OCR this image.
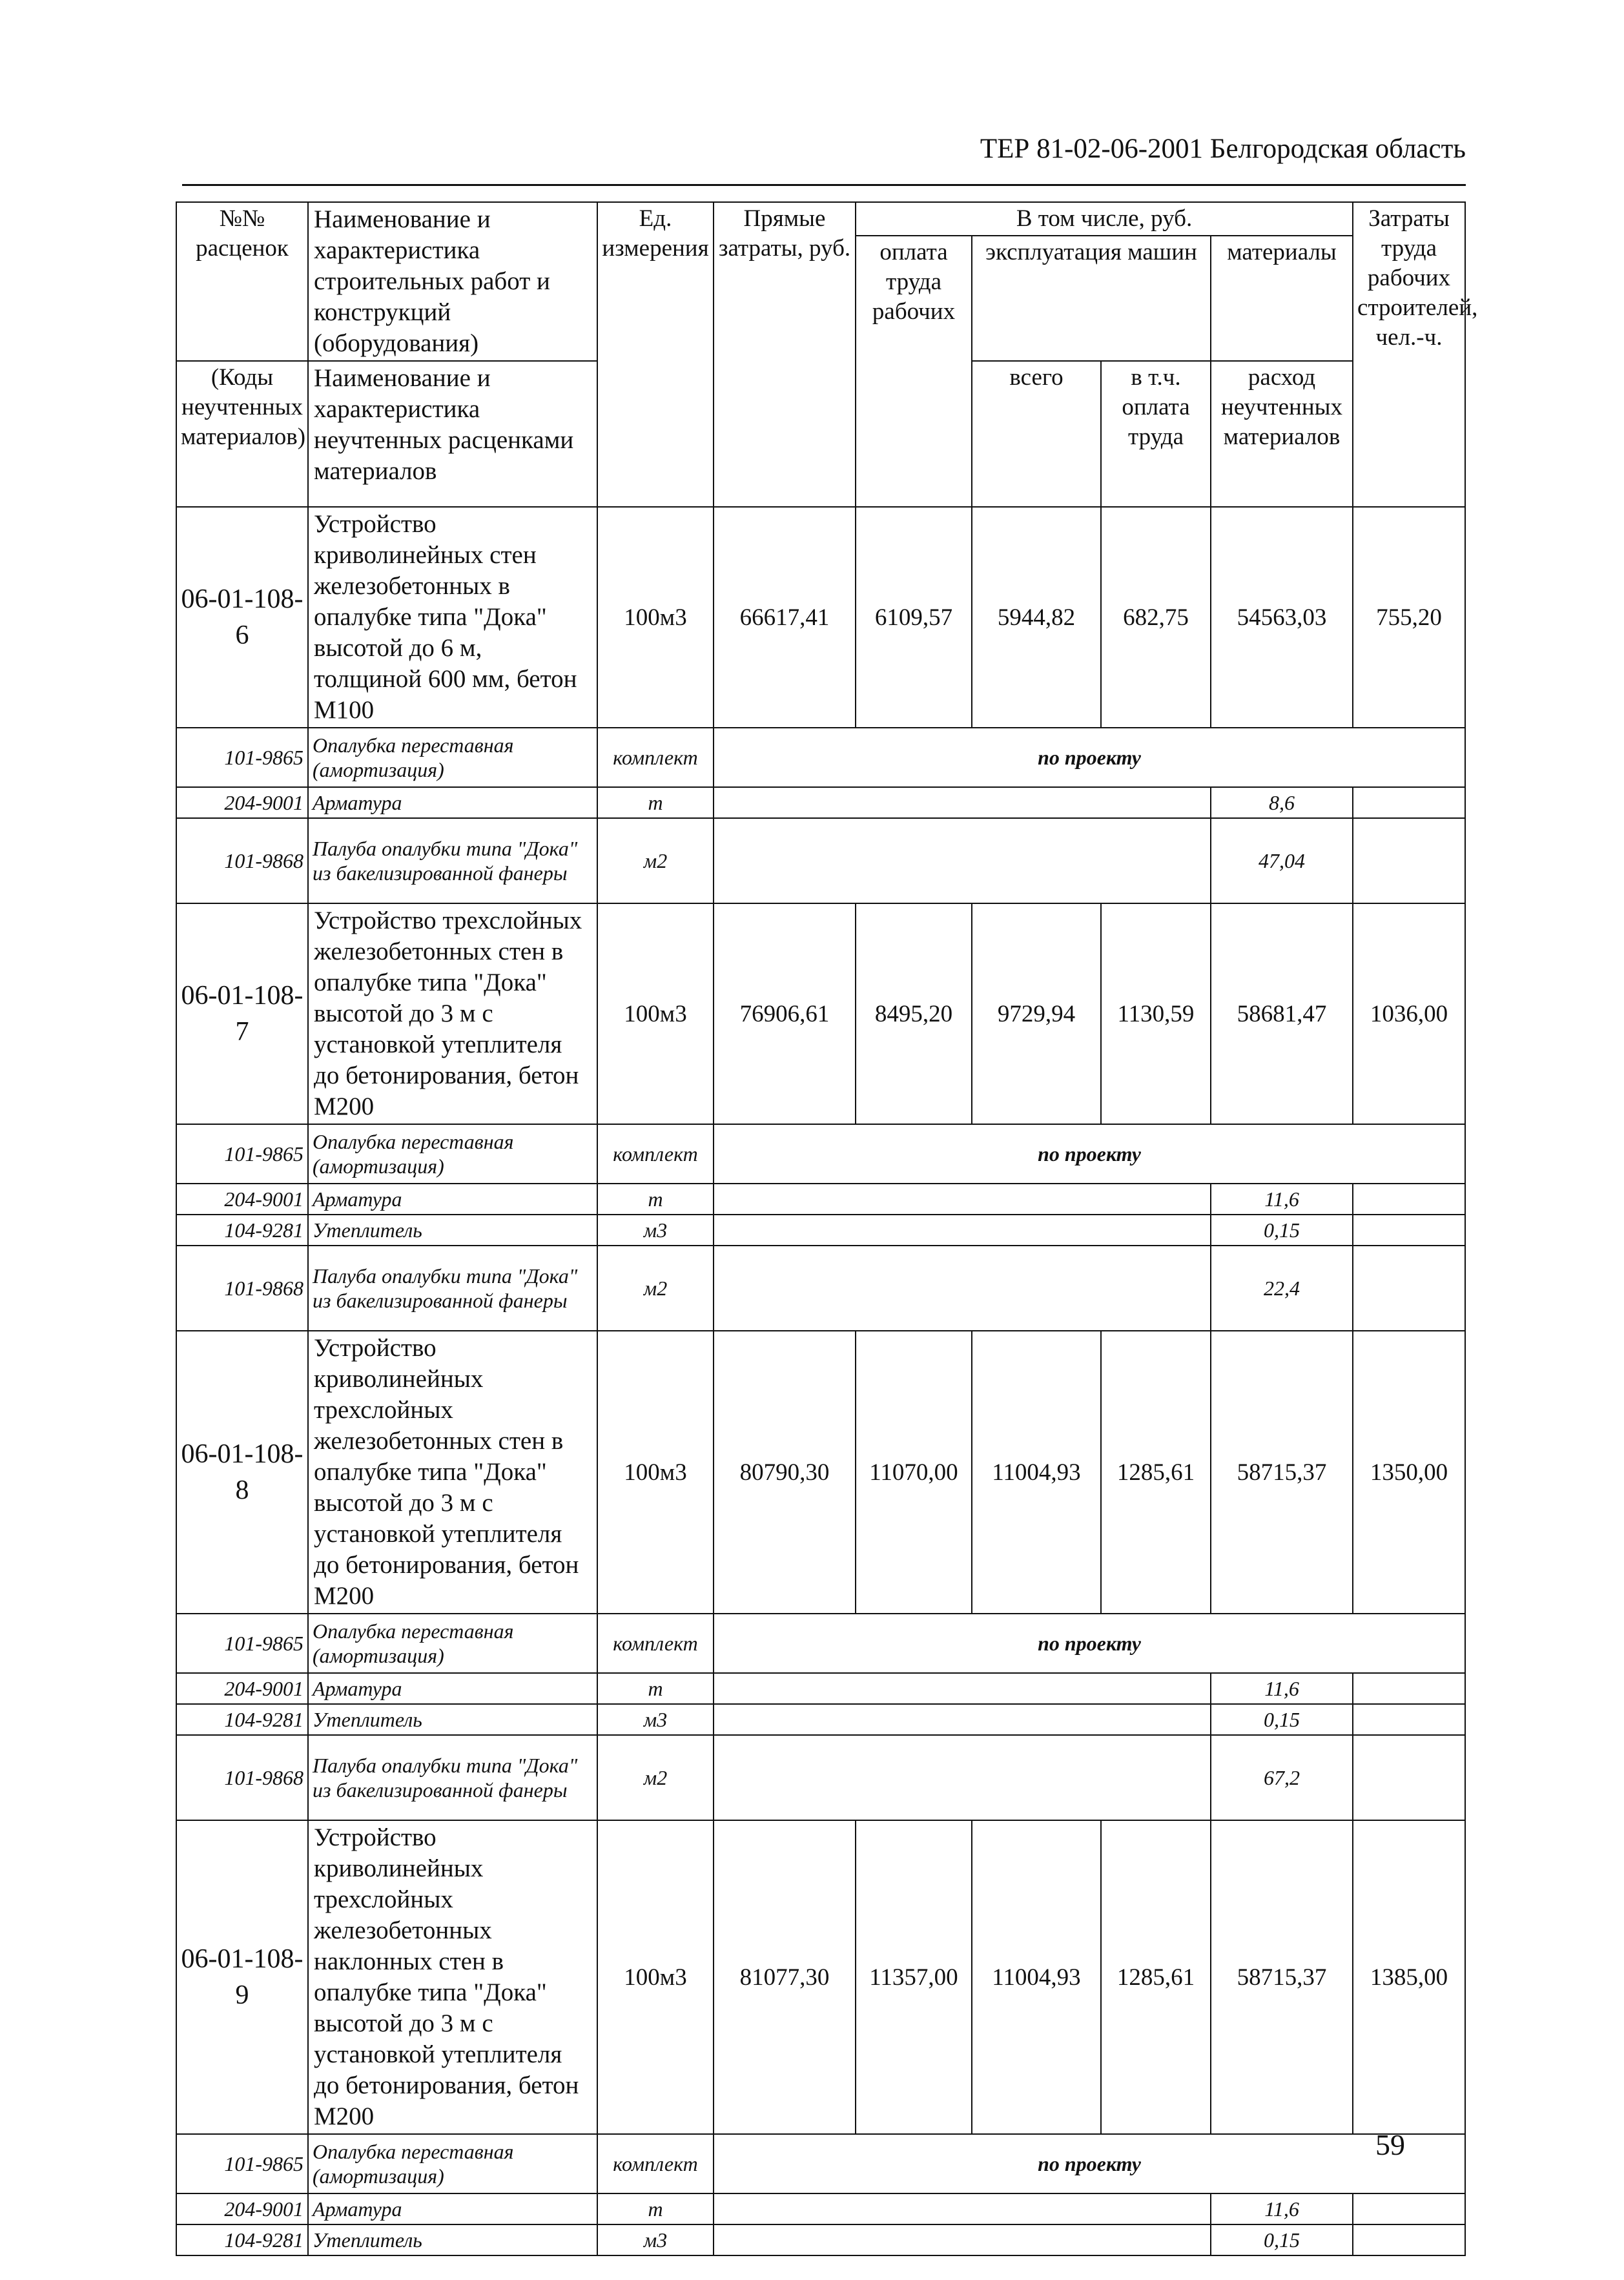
ТЕР 81-02-06-2001 Белгородская область
№№ расценок	Наименование и характеристика строительных работ и конструкций (оборудования)	Ед. измерения	Прямые затраты, руб.	В том числе, руб.				Затраты труда рабочих строителей, чел.-ч.
				оплата труда рабочих	эксплуатация машин		материалы	
(Коды неучтенных материалов)	Наименование и характеристика неучтенных расценками материалов				всего	в т.ч. оплата труда	расход неучтенных материалов	

06-01-108-6	Устройство криволинейных стен железобетонных в опалубке типа "Дока" высотой до 6 м, толщиной 600 мм, бетон М100	100м3	66617,41	6109,57	5944,82	682,75	54563,03	755,20
101-9865	Опалубка переставная (амортизация)	комплект	по проекту					
204-9001	Арматура	т					8,6	
101-9868	Палуба опалубки типа "Дока" из бакелизированной фанеры	м2					47,04	
06-01-108-7	Устройство трехслойных железобетонных стен в опалубке типа "Дока" высотой до 3 м с установкой утеплителя до бетонирования, бетон М200	100м3	76906,61	8495,20	9729,94	1130,59	58681,47	1036,00
101-9865	Опалубка переставная (амортизация)	комплект	по проекту					
204-9001	Арматура	т					11,6	
104-9281	Утеплитель	м3					0,15	
101-9868	Палуба опалубки типа "Дока" из бакелизированной фанеры	м2					22,4	
06-01-108-8	Устройство криволинейных трехслойных железобетонных стен в опалубке типа "Дока" высотой до 3 м с установкой утеплителя до бетонирования, бетон М200	100м3	80790,30	11070,00	11004,93	1285,61	58715,37	1350,00
101-9865	Опалубка переставная (амортизация)	комплект	по проекту					
204-9001	Арматура	т					11,6	
104-9281	Утеплитель	м3					0,15	
101-9868	Палуба опалубки типа "Дока" из бакелизированной фанеры	м2					67,2	
06-01-108-9	Устройство криволинейных трехслойных железобетонных наклонных стен в опалубке типа "Дока" высотой до 3 м с установкой утеплителя до бетонирования, бетон М200	100м3	81077,30	11357,00	11004,93	1285,61	58715,37	1385,00
101-9865	Опалубка переставная (амортизация)	комплект	по проекту					
204-9001	Арматура	т					11,6	
104-9281	Утеплитель	м3					0,15	
59
